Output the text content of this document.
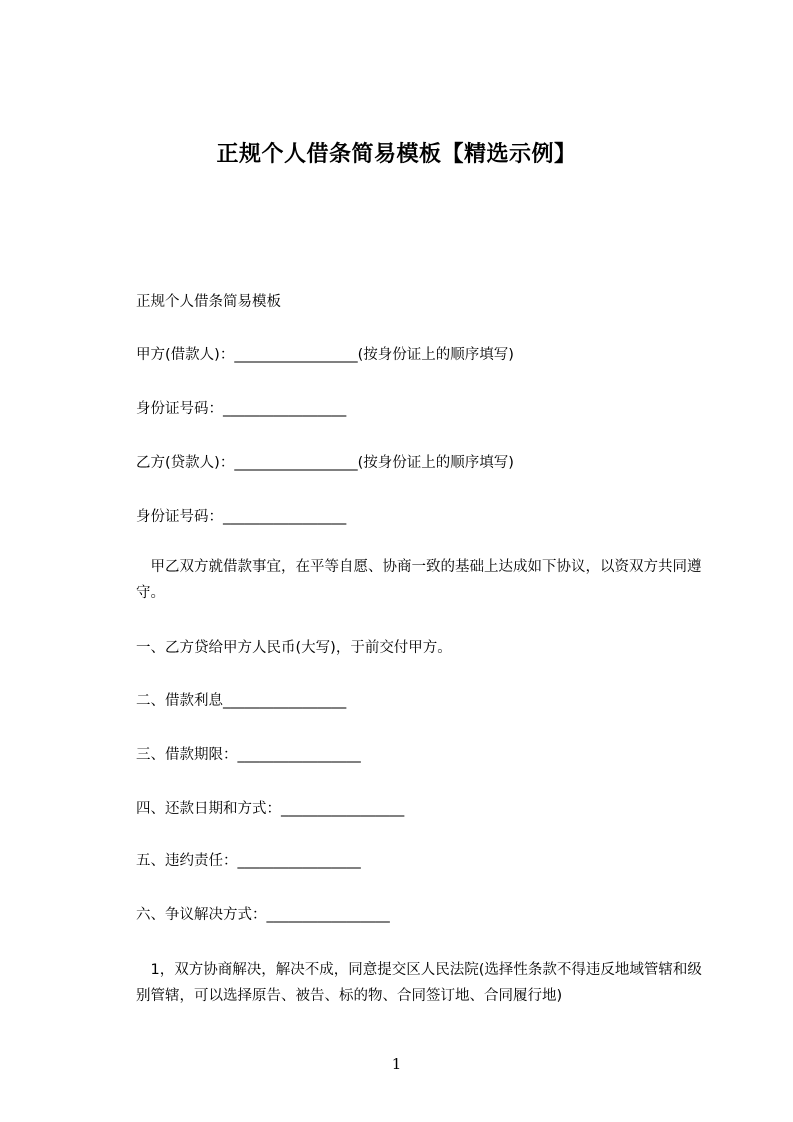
正规个人借条简易模板【精选示例】
正规个人借条简易模板
甲方(借款人)：_________________(按身份证上的顺序填写)
身份证号码：_________________
乙方(贷款人)：_________________(按身份证上的顺序填写)
身份证号码：_________________
　甲乙双方就借款事宜，在平等自愿、协商一致的基础上达成如下协议，以资双方共同遵守。
一、乙方贷给甲方人民币(大写)，于前交付甲方。
二、借款利息_________________
三、借款期限：_________________
四、还款日期和方式：_________________
五、违约责任：_________________
六、争议解决方式：_________________
　1，双方协商解决，解决不成，同意提交区人民法院(选择性条款不得违反地域管辖和级别管辖，可以选择原告、被告、标的物、合同签订地、合同履行地)
1
